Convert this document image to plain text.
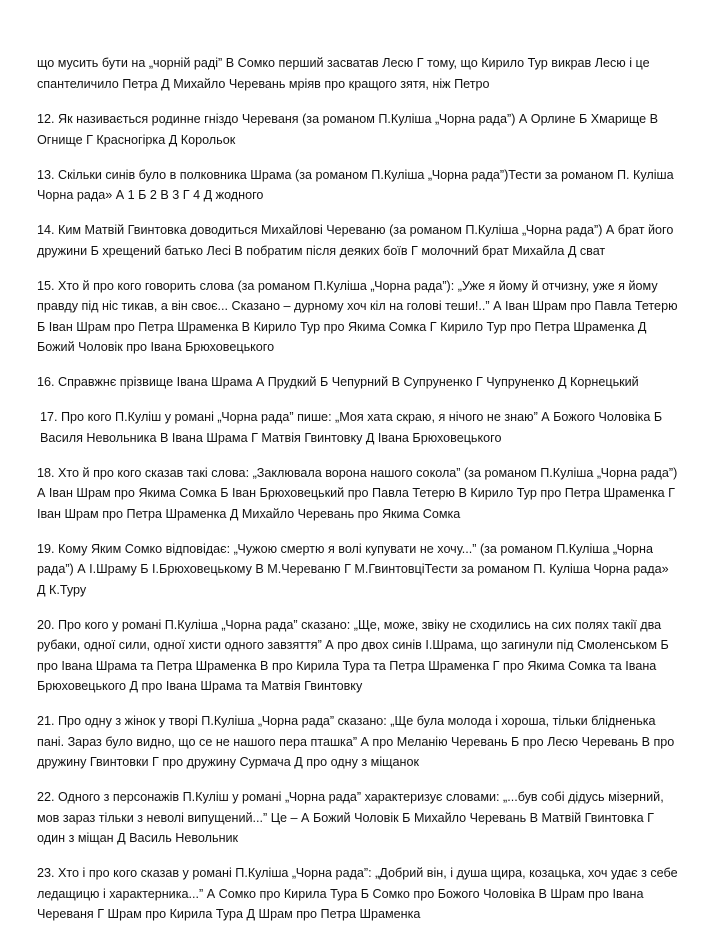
що мусить бути на „чорній раді” В Сомко перший засватав Лесю Г тому, що Кирило Тур викрав Лесю і це спантеличило Петра Д Михайло Черевань мріяв про кращого зятя, ніж Петро

12. Як називається родинне гніздо Череваня (за романом П.Куліша „Чорна рада”) А Орлине Б Хмарище В Огнище Г Красногірка Д Корольок

13. Скільки синів було в полковника Шрама (за романом П.Куліша „Чорна рада”)Тести за романом П. Куліша Чорна рада» А 1 Б 2 В 3 Г 4 Д жодного

14. Ким Матвій Гвинтовка доводиться Михайлові Череваню (за романом П.Куліша „Чорна рада”) А брат його дружини Б хрещений батько Лесі В побратим після деяких боїв Г молочний брат Михайла Д сват

15. Хто й про кого говорить слова (за романом П.Куліша „Чорна рада”): „Уже я йому й отчизну, уже я йому правду під ніс тикав, а він своє... Сказано – дурному хоч кіл на голові теши!..” А Іван Шрам про Павла Тетерю Б Іван Шрам про Петра Шраменка В Кирило Тур про Якима Сомка Г Кирило Тур про Петра Шраменка Д Божий Чоловік про Івана Брюховецького

16. Справжнє прізвище Івана Шрама А Прудкий Б Чепурний В Супруненко Г Чупруненко Д Корнецький

17. Про кого П.Куліш у романі „Чорна рада” пише: „Моя хата скраю, я нічого не знаю” А Божого Чоловіка Б Василя Невольника В Івана Шрама Г Матвія Гвинтовку Д Івана Брюховецького

18. Хто й про кого сказав такі слова: „Заклювала ворона нашого сокола” (за романом П.Куліша „Чорна рада”) А Іван Шрам про Якима Сомка Б Іван Брюховецький про Павла Тетерю В Кирило Тур про Петра Шраменка Г Іван Шрам про Петра Шраменка Д Михайло Черевань про Якима Сомка

19. Кому Яким Сомко відповідає: „Чужою смертю я волі купувати не хочу...” (за романом П.Куліша „Чорна рада”) А І.Шраму Б І.Брюховецькому В М.Череваню Г М.ГвинтовціТести за романом П. Куліша Чорна рада» Д К.Туру

20. Про кого у романі П.Куліша „Чорна рада” сказано: „Ще, може, звіку не сходились на сих полях такії два рубаки, одної сили, одної хисти одного завзяття” А про двох синів І.Шрама, що загинули під Смоленськом Б про Івана Шрама та Петра Шраменка В про Кирила Тура та Петра Шраменка Г про Якима Сомка та Івана Брюховецького Д про Івана Шрама та Матвія Гвинтовку

21. Про одну з жінок у творі П.Куліша „Чорна рада” сказано: „Ще була молода і хороша, тільки блідненька пані. Зараз було видно, що се не нашого пера пташка” А про Меланію Черевань Б про Лесю Черевань В про дружину Гвинтовки Г про дружину Сурмача Д про одну з міщанок

22. Одного з персонажів П.Куліш у романі „Чорна рада” характеризує словами: „...був собі дідусь мізерний, мов зараз тільки з неволі випущений...” Це – А Божий Чоловік Б Михайло Черевань В Матвій Гвинтовка Г один з міщан Д Василь Невольник

23. Хто і про кого сказав у романі П.Куліша „Чорна рада”: „Добрий він, і душа щира, козацька, хоч удає з себе ледащицю і характерника...” А Сомко про Кирила Тура Б Сомко про Божого Чоловіка В Шрам про Івана Череваня Г Шрам про Кирила Тура Д Шрам про Петра Шраменка
